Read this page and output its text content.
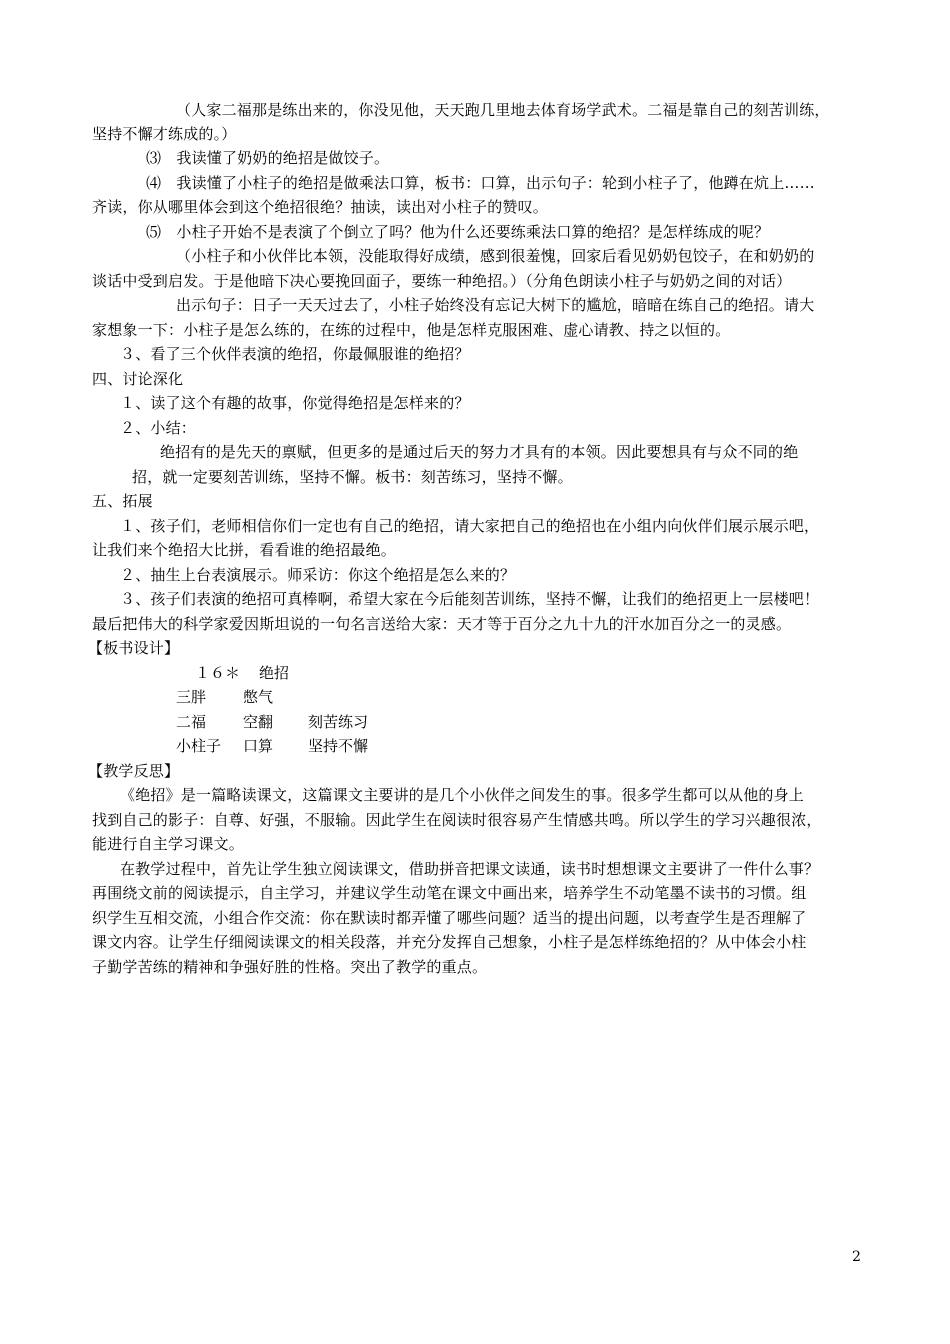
（人家二福那是练出来的，你没见他，天天跑几里地去体育场学武术。二福是靠自己的刻苦训练，
坚持不懈才练成的。）
⑶　我读懂了奶奶的绝招是做饺子。
⑷　我读懂了小柱子的绝招是做乘法口算，板书：口算，出示句子：轮到小柱子了，他蹲在炕上……
齐读，你从哪里体会到这个绝招很绝？抽读，读出对小柱子的赞叹。
⑸　小柱子开始不是表演了个倒立了吗？他为什么还要练乘法口算的绝招？是怎样练成的呢？
（小柱子和小伙伴比本领，没能取得好成绩，感到很羞愧，回家后看见奶奶包饺子，在和奶奶的
谈话中受到启发。于是他暗下决心要挽回面子，要练一种绝招。）（分角色朗读小柱子与奶奶之间的对话）
出示句子：日子一天天过去了，小柱子始终没有忘记大树下的尴尬，暗暗在练自己的绝招。请大
家想象一下：小柱子是怎么练的，在练的过程中，他是怎样克服困难、虚心请教、持之以恒的。
３、看了三个伙伴表演的绝招，你最佩服谁的绝招？
四、讨论深化
１、读了这个有趣的故事，你觉得绝招是怎样来的？
２、小结：
绝招有的是先天的禀赋，但更多的是通过后天的努力才具有的本领。因此要想具有与众不同的绝
招，就一定要刻苦训练，坚持不懈。板书：刻苦练习，坚持不懈。
五、拓展
１、孩子们，老师相信你们一定也有自己的绝招，请大家把自己的绝招也在小组内向伙伴们展示展示吧，
让我们来个绝招大比拼，看看谁的绝招最绝。
２、抽生上台表演展示。师采访：你这个绝招是怎么来的？
３、孩子们表演的绝招可真棒啊，希望大家在今后能刻苦训练，坚持不懈，让我们的绝招更上一层楼吧！
最后把伟大的科学家爱因斯坦说的一句名言送给大家：天才等于百分之九十九的汗水加百分之一的灵感。
【板书设计】
１６＊ 绝招
三胖 憋气
二福 空翻 刻苦练习
小柱子 口算 坚持不懈
【教学反思】
《绝招》是一篇略读课文，这篇课文主要讲的是几个小伙伴之间发生的事。很多学生都可以从他的身上
找到自己的影子：自尊、好强，不服输。因此学生在阅读时很容易产生情感共鸣。所以学生的学习兴趣很浓，
能进行自主学习课文。
在教学过程中，首先让学生独立阅读课文，借助拼音把课文读通，读书时想想课文主要讲了一件什么事？
再围绕文前的阅读提示，自主学习，并建议学生动笔在课文中画出来，培养学生不动笔墨不读书的习惯。组
织学生互相交流，小组合作交流：你在默读时都弄懂了哪些问题？适当的提出问题，以考查学生是否理解了
课文内容。让学生仔细阅读课文的相关段落，并充分发挥自己想象，小柱子是怎样练绝招的？从中体会小柱
子勤学苦练的精神和争强好胜的性格。突出了教学的重点。
2
